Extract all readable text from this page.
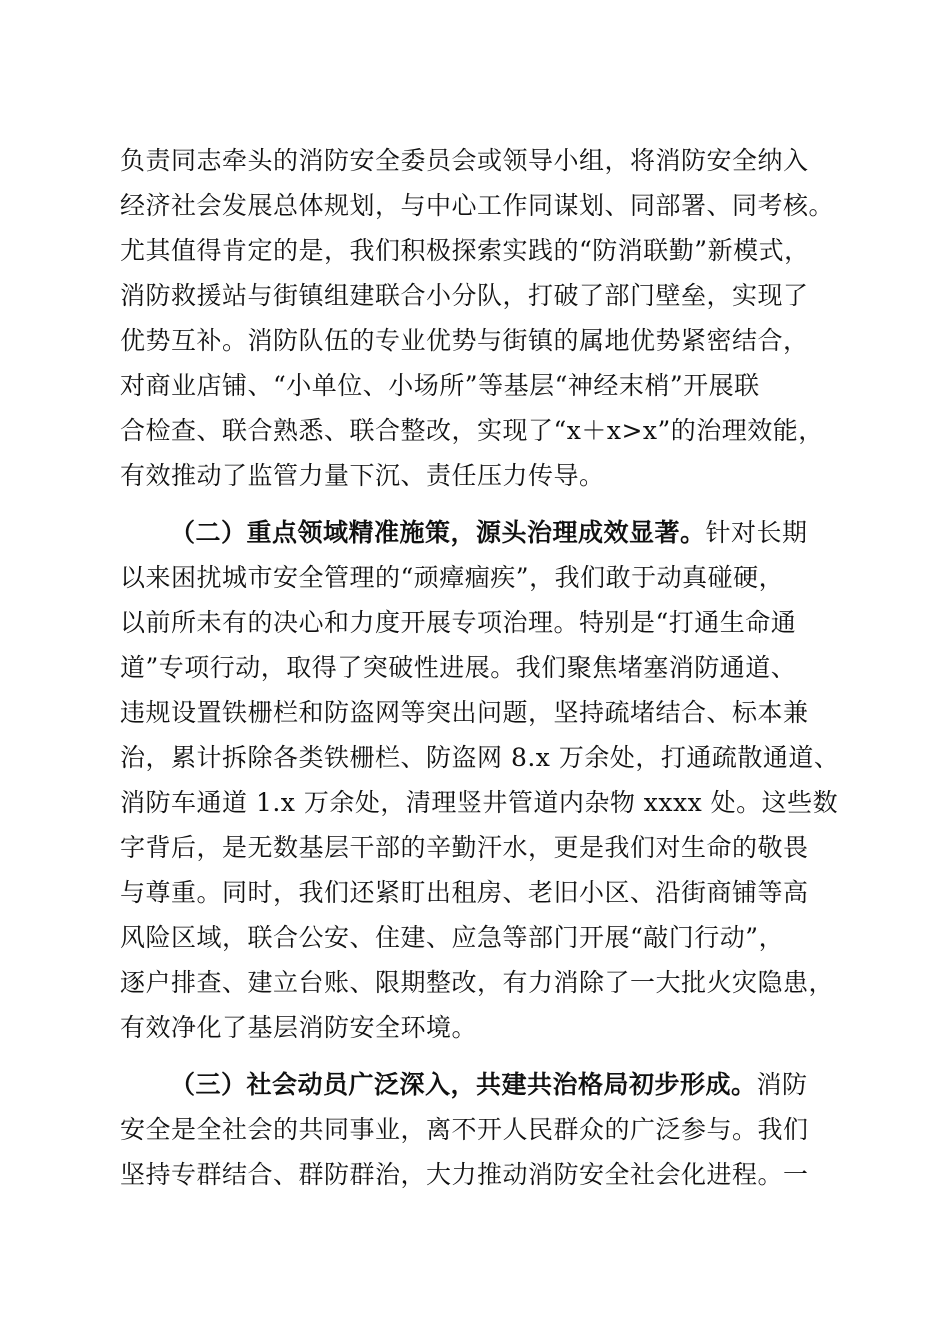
负责同志牵头的消防安全委员会或领导小组，将消防安全纳入
经济社会发展总体规划，与中心工作同谋划、同部署、同考核。
尤其值得肯定的是，我们积极探索实践的“防消联勤”新模式，
消防救援站与街镇组建联合小分队，打破了部门壁垒，实现了
优势互补。消防队伍的专业优势与街镇的属地优势紧密结合，
对商业店铺、“小单位、小场所”等基层“神经末梢”开展联
合检查、联合熟悉、联合整改，实现了“x＋x>x”的治理效能，
有效推动了监管力量下沉、责任压力传导。
（二）重点领域精准施策，源头治理成效显著。针对长期
以来困扰城市安全管理的“顽瘴痼疾”，我们敢于动真碰硬，
以前所未有的决心和力度开展专项治理。特别是“打通生命通
道”专项行动，取得了突破性进展。我们聚焦堵塞消防通道、
违规设置铁栅栏和防盗网等突出问题，坚持疏堵结合、标本兼
治，累计拆除各类铁栅栏、防盗网 8.x 万余处，打通疏散通道、
消防车通道 1.x 万余处，清理竖井管道内杂物 xxxx 处。这些数
字背后，是无数基层干部的辛勤汗水，更是我们对生命的敬畏
与尊重。同时，我们还紧盯出租房、老旧小区、沿街商铺等高
风险区域，联合公安、住建、应急等部门开展“敲门行动”，
逐户排查、建立台账、限期整改，有力消除了一大批火灾隐患，
有效净化了基层消防安全环境。
（三）社会动员广泛深入，共建共治格局初步形成。消防
安全是全社会的共同事业，离不开人民群众的广泛参与。我们
坚持专群结合、群防群治，大力推动消防安全社会化进程。一
